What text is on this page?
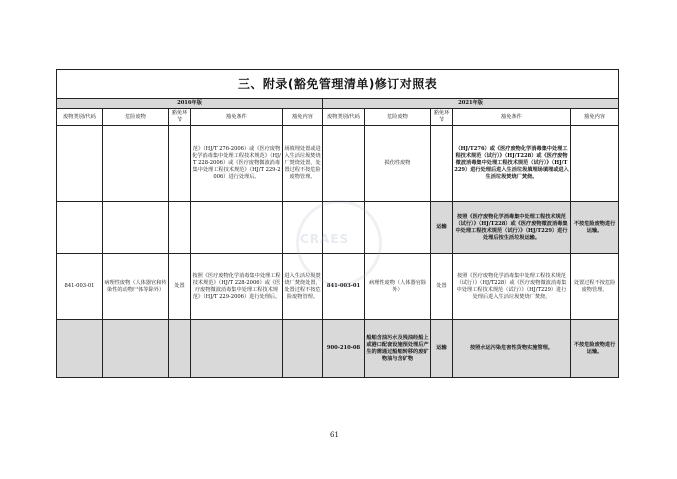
三、附录(豁免管理清单)修订对照表									
2016年版					2021年版				
废物类别/代码	危险废物	豁免环节	豁免条件	豁免内容	废物类别/代码	危险废物	豁免环节	豁免条件	豁免内容
			范》（HJ/T 276-2006）或《医疗废物化学消毒集中处理工程技术规范》（HJ/T 228-2006）或《医疗废物微波消毒集中处理工程技术规范》（HJ/T 229-2006）进行处理后。	场填埋处置或进入生活垃圾焚烧厂焚烧处置，处置过程不按危险废物管理。		损伤性废物		（HJ/T276）或《医疗废物化学消毒集中处理工程技术规范（试行）》（HJ/T228）或《医疗废物微波消毒集中处理工程技术规范（试行）》（HJ/T229）进行处理后进入生活垃圾填埋场填埋或进入生活垃圾焚烧厂焚烧。	
							运输	按照《医疗废物化学消毒集中处理工程技术规范（试行）》（HJ/T228）或《医疗废物微波消毒集中处理工程技术规范（试行）》（HJ/T229）进行处理后按生活垃圾运输。	不按危险废物进行运输。
841-003-01	病理性废物（人体器官和传染性的动物尸体等除外）	处置	按照《医疗废物化学消毒集中处理工程技术规范》（HJ/T 228-2006）或《医疗废物微波消毒集中处理工程技术规范》（HJ/T 229-2006）进行处理后。	进入生活垃圾焚烧厂焚烧处置，处置过程不按危险废物管理。	841-003-01	病理性废物（人体器官除外）	处置	按照《医疗废物化学消毒集中处理工程技术规范（试行）》（HJ/T228）或《医疗废物微波消毒集中处理工程技术规范（试行）》（HJ/T229）进行处理后进入生活垃圾焚烧厂焚烧。	处置过程不按危险废物管理。
					900-210-08	船舶含油污水及残油经船上或港口配套设施预处理后产生的需通过船舶转移的废矿物油与含矿物	运输	按照水运污染危害性货物实施管理。	不按危险废物进行运输。
CRAES
61
